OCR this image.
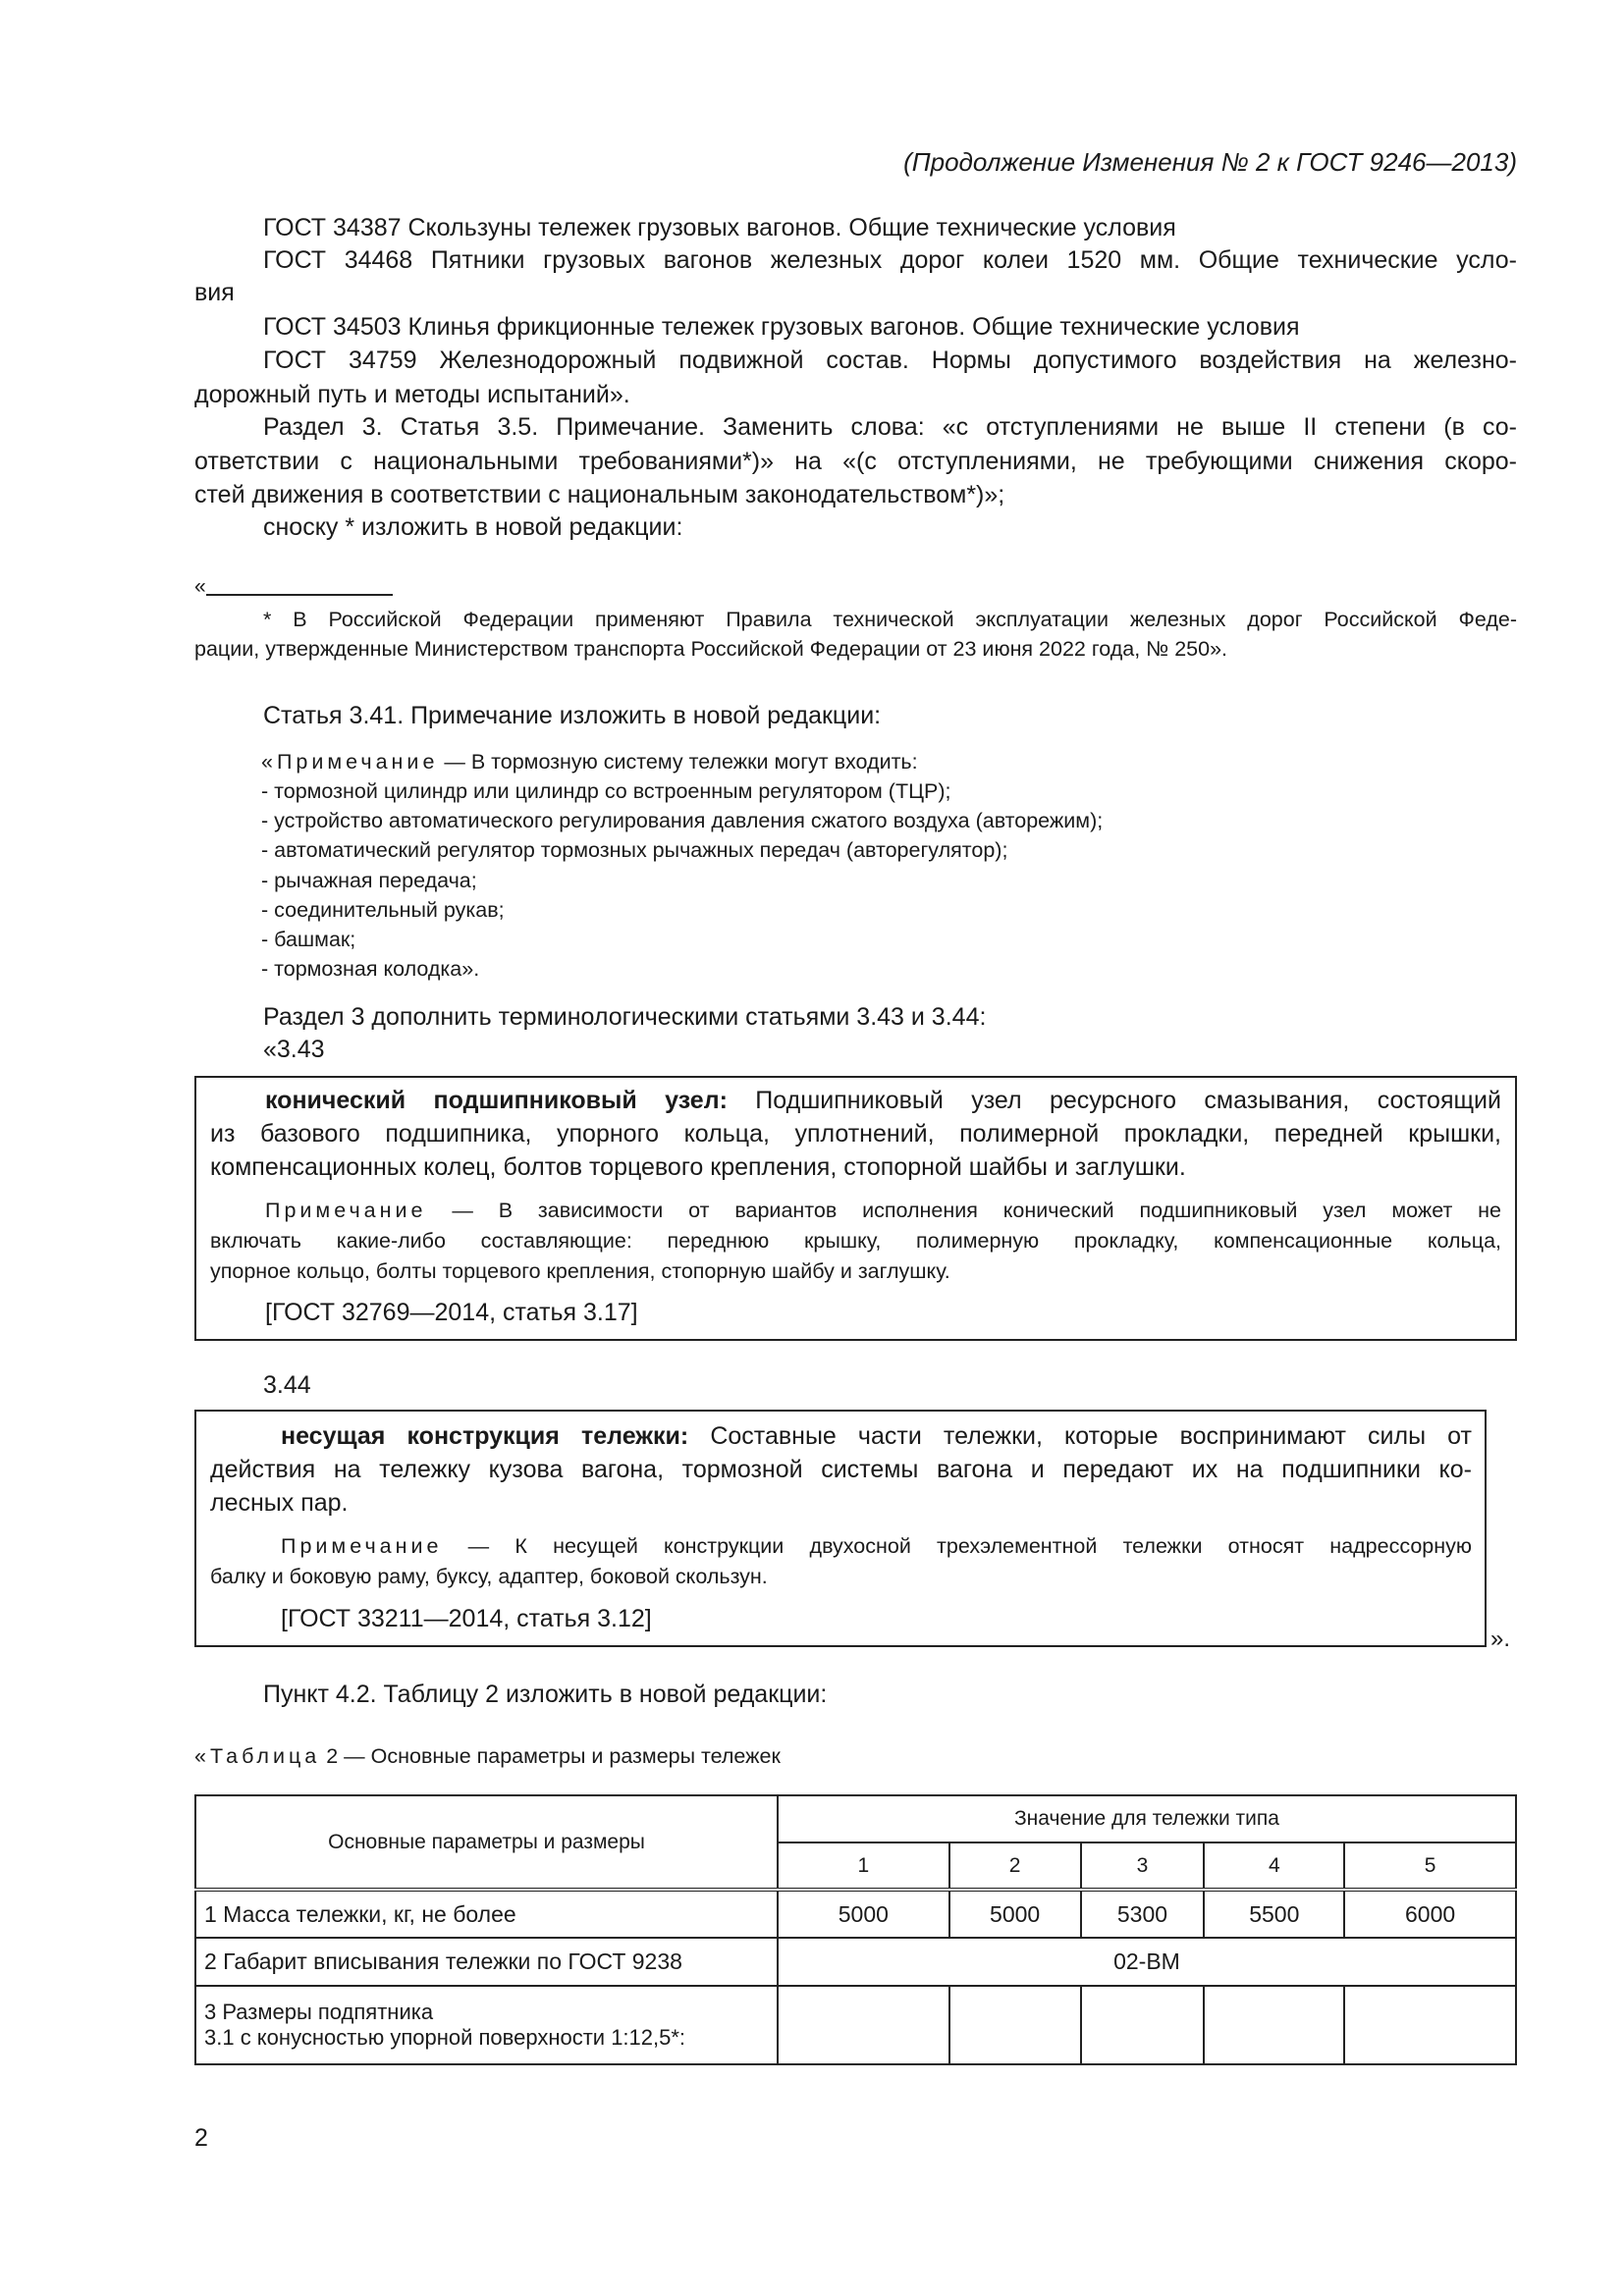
(Продолжение Изменения № 2 к ГОСТ 9246—2013)
ГОСТ 34387 Скользуны тележек грузовых вагонов. Общие технические условия
ГОСТ 34468 Пятники грузовых вагонов железных дорог колеи 1520 мм. Общие технические усло-
вия
ГОСТ 34503 Клинья фрикционные тележек грузовых вагонов. Общие технические условия
ГОСТ 34759 Железнодорожный подвижной состав. Нормы допустимого воздействия на железно-
дорожный путь и методы испытаний».
Раздел 3. Статья 3.5. Примечание. Заменить слова: «с отступлениями не выше II степени (в со-
ответствии с национальными требованиями*)» на «(с отступлениями, не требующими снижения скоро-
стей движения в соответствии с национальным законодательством*)»;
сноску * изложить в новой редакции:
«
* В Российской Федерации применяют Правила технической эксплуатации железных дорог Российской Феде-
рации, утвержденные Министерством транспорта Российской Федерации от 23 июня 2022 года, № 250».
Статья 3.41. Примечание изложить в новой редакции:
«Примечание — В тормозную систему тележки могут входить:
- тормозной цилиндр или цилиндр со встроенным регулятором (ТЦР);
- устройство автоматического регулирования давления сжатого воздуха (авторежим);
- автоматический регулятор тормозных рычажных передач (авторегулятор);
- рычажная передача;
- соединительный рукав;
- башмак;
- тормозная колодка».
Раздел 3 дополнить терминологическими статьями 3.43 и 3.44:
«3.43
конический подшипниковый узел: Подшипниковый узел ресурсного смазывания, состоящий
из базового подшипника, упорного кольца, уплотнений, полимерной прокладки, передней крышки,
компенсационных колец, болтов торцевого крепления, стопорной шайбы и заглушки.
Примечание — В зависимости от вариантов исполнения конический подшипниковый узел может не
включать какие-либо составляющие: переднюю крышку, полимерную прокладку, компенсационные кольца,
упорное кольцо, болты торцевого крепления, стопорную шайбу и заглушку.
[ГОСТ 32769—2014, статья 3.17]
3.44
несущая конструкция тележки: Составные части тележки, которые воспринимают силы от
действия на тележку кузова вагона, тормозной системы вагона и передают их на подшипники ко-
лесных пар.
Примечание — К несущей конструкции двухосной трехэлементной тележки относят надрессорную
балку и боковую раму, буксу, адаптер, боковой скользун.
[ГОСТ 33211—2014, статья 3.12]
».
Пункт 4.2. Таблицу 2 изложить в новой редакции:
«Таблица 2 — Основные параметры и размеры тележек
Основные параметры и размеры	Значение для тележки типа				
	1	2	3	4	5
1 Масса тележки, кг, не более	5000	5000	5300	5500	6000
2 Габарит вписывания тележки по ГОСТ 9238	02-ВМ				

3 Размеры подпятника
3.1 с конусностью упорной поверхности 1:12,5*:					

2
